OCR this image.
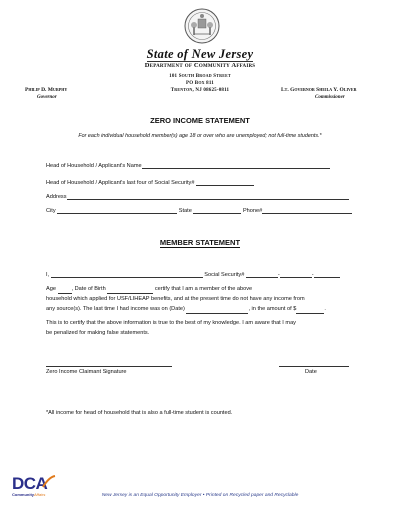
State of New Jersey
Department of Community Affairs
101 South Broad Street
PO Box 811
Trenton, NJ 08625-0811
Philip D. Murphy
Governor
Lt. Governor Sheila Y. Oliver
Commissioner
ZERO INCOME STATEMENT
For each individual household member(s) age 18 or over who are unemployed; not full-time students.*
Head of Household / Applicant's Name
Head of Household / Applicant's last four of Social Security#
Address
City	State	Phone#
MEMBER STATEMENT
I,	Social Security#	-	-
Age	, Date of Birth	certify that I am a member of the above
household which applied for USF/LIHEAP benefits, and at the present time do not have any income from
any source(s). The last time I had income was on (Date)	, in the amount of $	.
This is to certify that the above information is true to the best of my knowledge. I am aware that I may
be penalized for making false statements.
Zero Income Claimant Signature	Date
*All income for head of household that is also a full-time student is counted.
DCA
CommunityAffairs	New Jersey is an Equal Opportunity Employer • Printed on Recycled paper and Recyclable
